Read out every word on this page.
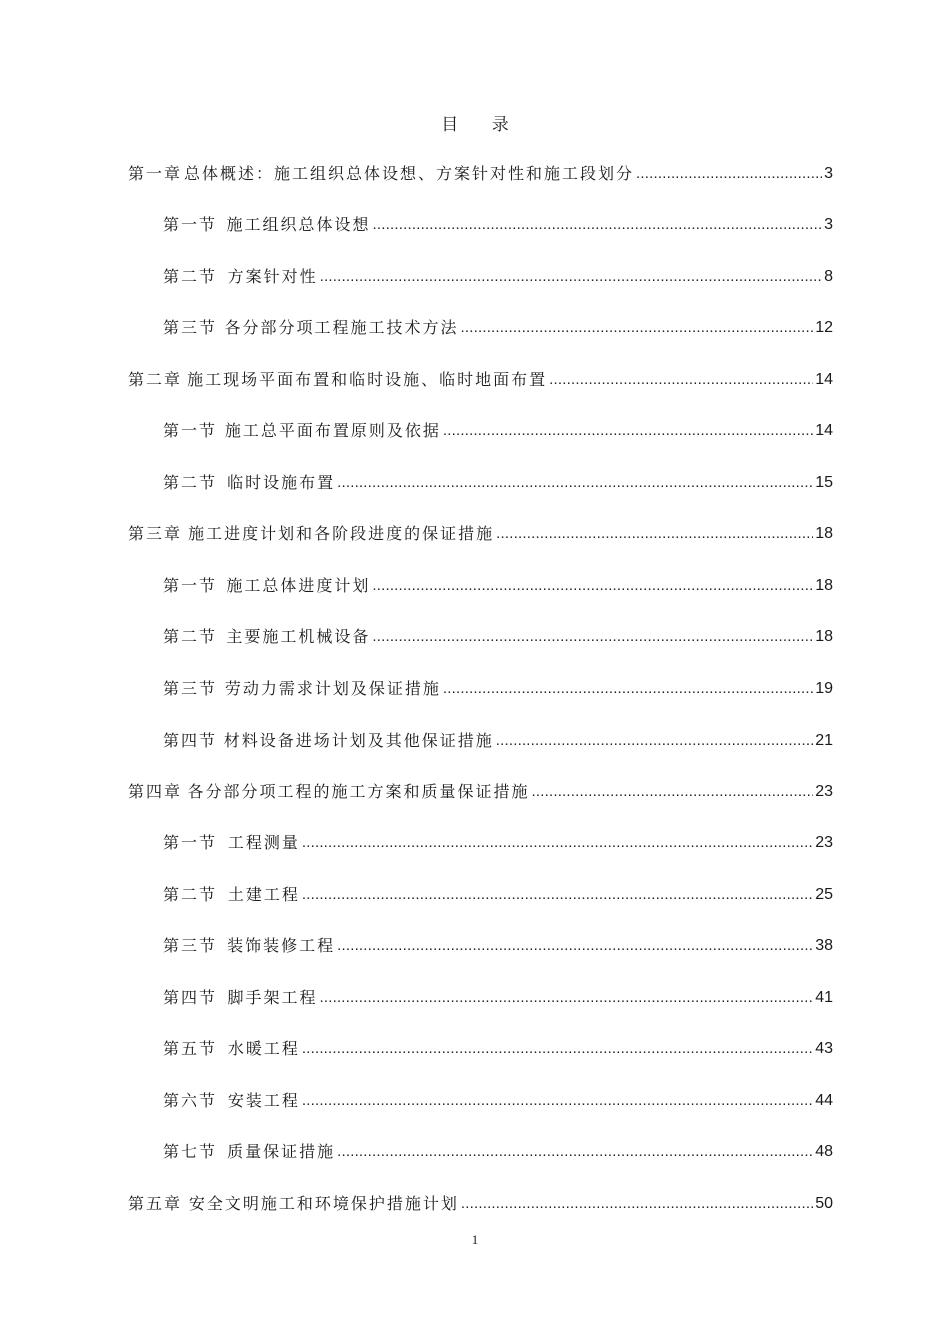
目 录
第一章 总体概述：施工组织总体设想、方案针对性和施工段划分 .....	3
第一节 施工组织总体设想 .....	3
第二节 方案针对性 .....	8
第三节 各分部分项工程施工技术方法 .....	12
第二章 施工现场平面布置和临时设施、临时地面布置 .....	14
第一节 施工总平面布置原则及依据 .....	14
第二节 临时设施布置 .....	15
第三章 施工进度计划和各阶段进度的保证措施 .....	18
第一节 施工总体进度计划 .....	18
第二节 主要施工机械设备 .....	18
第三节 劳动力需求计划及保证措施 .....	19
第四节 材料设备进场计划及其他保证措施 .....	21
第四章 各分部分项工程的施工方案和质量保证措施 .....	23
第一节 工程测量 .....	23
第二节 土建工程 .....	25
第三节 装饰装修工程 .....	38
第四节 脚手架工程 .....	41
第五节 水暖工程 .....	43
第六节 安装工程 .....	44
第七节 质量保证措施 .....	48
第五章 安全文明施工和环境保护措施计划 .....	50
1
